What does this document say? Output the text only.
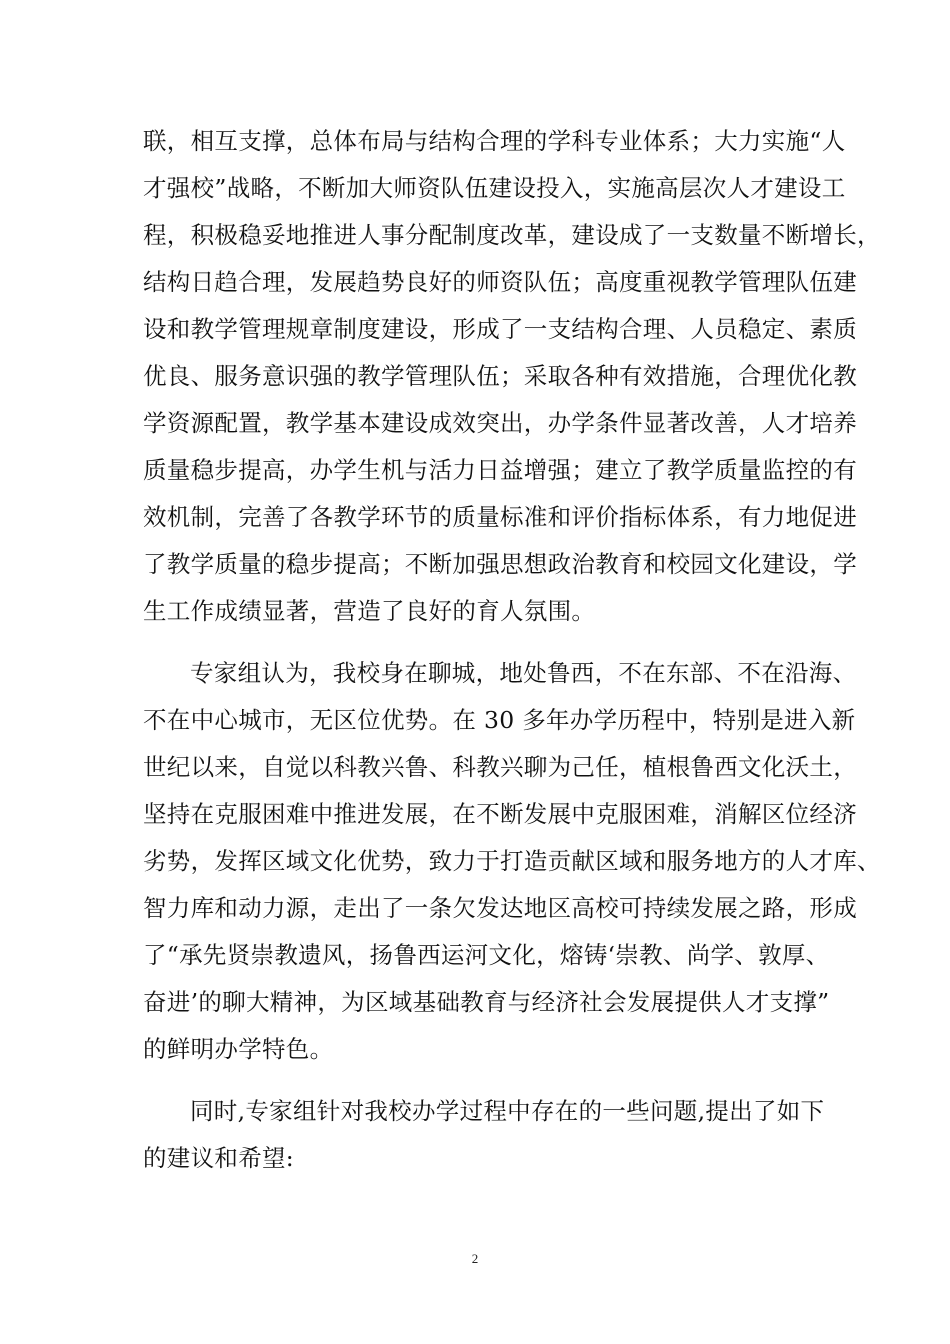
联，相互支撑，总体布局与结构合理的学科专业体系；大力实施“人
才强校”战略，不断加大师资队伍建设投入，实施高层次人才建设工
程，积极稳妥地推进人事分配制度改革，建设成了一支数量不断增长，
结构日趋合理，发展趋势良好的师资队伍；高度重视教学管理队伍建
设和教学管理规章制度建设，形成了一支结构合理、人员稳定、素质
优良、服务意识强的教学管理队伍；采取各种有效措施，合理优化教
学资源配置，教学基本建设成效突出，办学条件显著改善，人才培养
质量稳步提高，办学生机与活力日益增强；建立了教学质量监控的有
效机制，完善了各教学环节的质量标准和评价指标体系，有力地促进
了教学质量的稳步提高；不断加强思想政治教育和校园文化建设，学
生工作成绩显著，营造了良好的育人氛围。
专家组认为，我校身在聊城，地处鲁西，不在东部、不在沿海、
不在中心城市，无区位优势。在 30 多年办学历程中，特别是进入新
世纪以来，自觉以科教兴鲁、科教兴聊为己任，植根鲁西文化沃土，
坚持在克服困难中推进发展，在不断发展中克服困难，消解区位经济
劣势，发挥区域文化优势，致力于打造贡献区域和服务地方的人才库、
智力库和动力源，走出了一条欠发达地区高校可持续发展之路，形成
了“承先贤崇教遗风，扬鲁西运河文化，熔铸‘崇教、尚学、敦厚、
奋进’的聊大精神，为区域基础教育与经济社会发展提供人才支撑”
的鲜明办学特色。
同时,专家组针对我校办学过程中存在的一些问题,提出了如下
的建议和希望:
2
